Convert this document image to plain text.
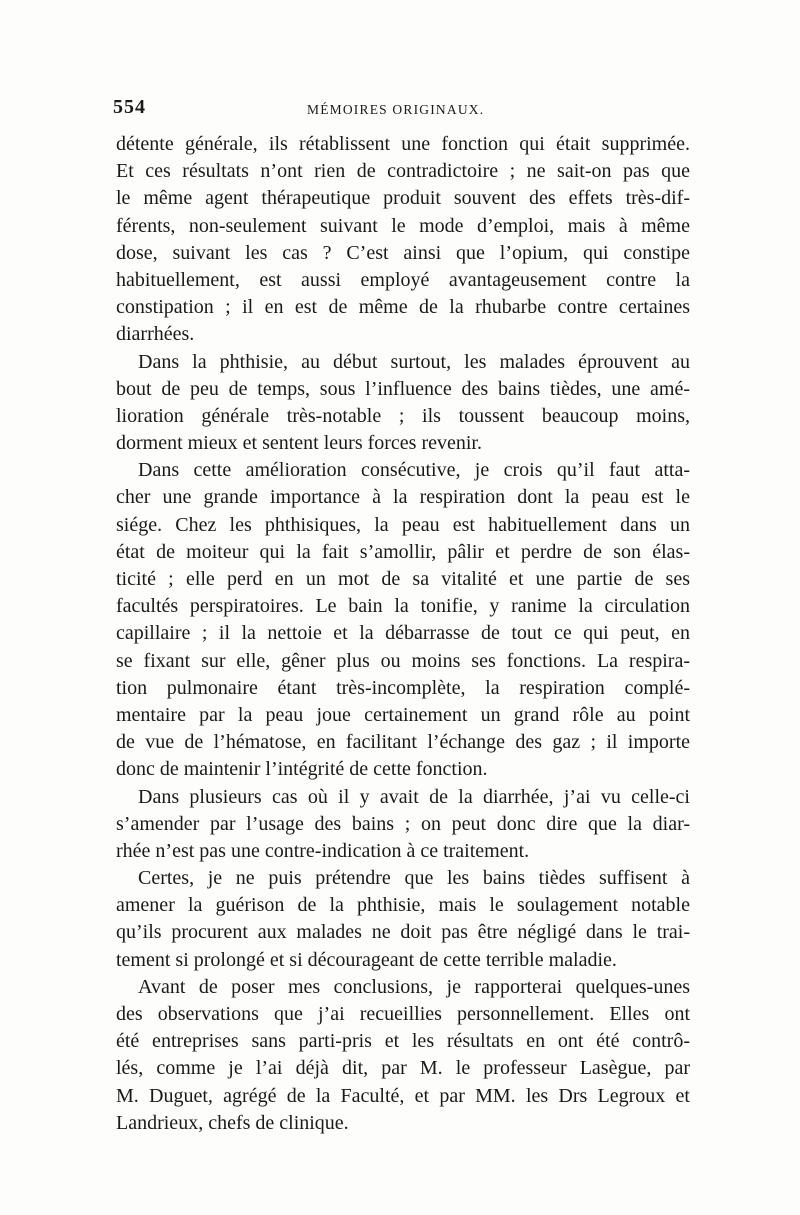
554	MÉMOIRES ORIGINAUX.
détente générale, ils rétablissent une fonction qui était supprimée.
Et ces résultats n’ont rien de contradictoire ; ne sait-on pas que
le même agent thérapeutique produit souvent des effets très-dif-
férents, non-seulement suivant le mode d’emploi, mais à même
dose, suivant les cas ? C’est ainsi que l’opium, qui constipe
habituellement, est aussi employé avantageusement contre la
constipation ; il en est de même de la rhubarbe contre certaines
diarrhées.
Dans la phthisie, au début surtout, les malades éprouvent au
bout de peu de temps, sous l’influence des bains tièdes, une amé-
lioration générale très-notable ; ils toussent beaucoup moins,
dorment mieux et sentent leurs forces revenir.
Dans cette amélioration consécutive, je crois qu’il faut atta-
cher une grande importance à la respiration dont la peau est le
siége. Chez les phthisiques, la peau est habituellement dans un
état de moiteur qui la fait s’amollir, pâlir et perdre de son élas-
ticité ; elle perd en un mot de sa vitalité et une partie de ses
facultés perspiratoires. Le bain la tonifie, y ranime la circulation
capillaire ; il la nettoie et la débarrasse de tout ce qui peut, en
se fixant sur elle, gêner plus ou moins ses fonctions. La respira-
tion pulmonaire étant très-incomplète, la respiration complé-
mentaire par la peau joue certainement un grand rôle au point
de vue de l’hématose, en facilitant l’échange des gaz ; il importe
donc de maintenir l’intégrité de cette fonction.
Dans plusieurs cas où il y avait de la diarrhée, j’ai vu celle-ci
s’amender par l’usage des bains ; on peut donc dire que la diar-
rhée n’est pas une contre-indication à ce traitement.
Certes, je ne puis prétendre que les bains tièdes suffisent à
amener la guérison de la phthisie, mais le soulagement notable
qu’ils procurent aux malades ne doit pas être négligé dans le trai-
tement si prolongé et si décourageant de cette terrible maladie.
Avant de poser mes conclusions, je rapporterai quelques-unes
des observations que j’ai recueillies personnellement. Elles ont
été entreprises sans parti-pris et les résultats en ont été contrô-
lés, comme je l’ai déjà dit, par M. le professeur Lasègue, par
M. Duguet, agrégé de la Faculté, et par MM. les Drs Legroux et
Landrieux, chefs de clinique.
